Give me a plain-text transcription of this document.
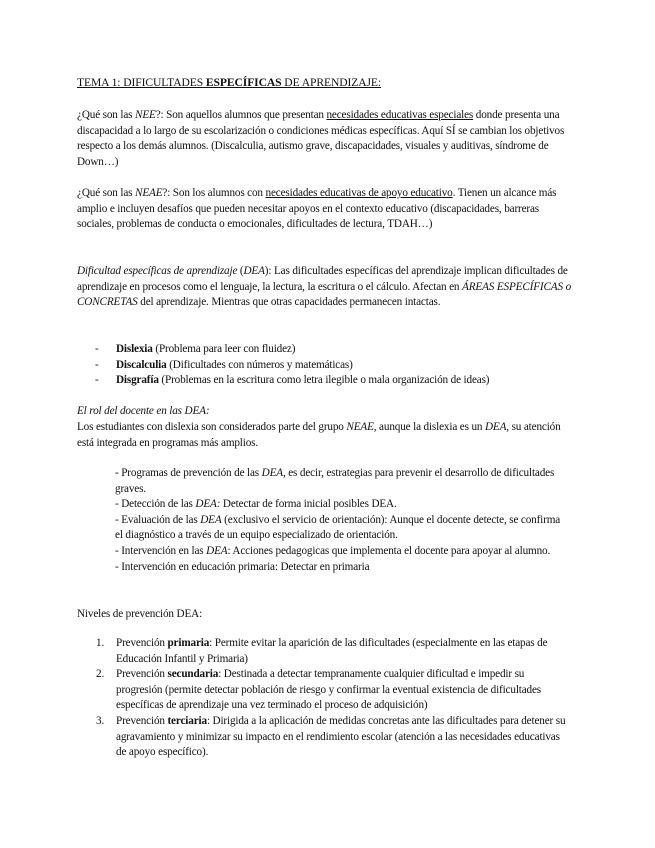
TEMA 1: DIFICULTADES ESPECÍFICAS DE APRENDIZAJE:
¿Qué son las NEE?: Son aquellos alumnos que presentan necesidades educativas especiales donde presenta una discapacidad a lo largo de su escolarización o condiciones médicas específicas. Aquí SÍ se cambian los objetivos respecto a los demás alumnos. (Discalculia, autismo grave, discapacidades, visuales y auditivas, síndrome de Down…)
¿Qué son las NEAE?: Son los alumnos con necesidades educativas de apoyo educativo. Tienen un alcance más amplio e incluyen desafíos que pueden necesitar apoyos en el contexto educativo (discapacidades, barreras sociales, problemas de conducta o emocionales, dificultades de lectura, TDAH…)
Dificultad específicas de aprendizaje (DEA): Las dificultades específicas del aprendizaje implican dificultades de aprendizaje en procesos como el lenguaje, la lectura, la escritura o el cálculo. Afectan en ÁREAS ESPECÍFICAS o CONCRETAS del aprendizaje. Mientras que otras capacidades permanecen intactas.
- Dislexia (Problema para leer con fluidez)
- Discalculia (Dificultades con números y matemáticas)
- Disgrafía (Problemas en la escritura como letra ilegible o mala organización de ideas)
El rol del docente en las DEA:
Los estudiantes con dislexia son considerados parte del grupo NEAE, aunque la dislexia es un DEA, su atención está integrada en programas más amplios.
- Programas de prevención de las DEA, es decir, estrategias para prevenir el desarrollo de dificultades graves.
- Detección de las DEA: Detectar de forma inicial posibles DEA.
- Evaluación de las DEA (exclusivo el servicio de orientación): Aunque el docente detecte, se confirma el diagnóstico a través de un equipo especializado de orientación.
- Intervención en las DEA: Acciones pedagogicas que implementa el docente para apoyar al alumno.
- Intervención en educación primaria: Detectar en primaria
Niveles de prevención DEA:
1. Prevención primaria: Permite evitar la aparición de las dificultades (especialmente en las etapas de Educación Infantil y Primaria)
2. Prevención secundaria: Destinada a detectar tempranamente cualquier dificultad e impedir su progresión (permite detectar población de riesgo y confirmar la eventual existencia de dificultades específicas de aprendizaje una vez terminado el proceso de adquisición)
3. Prevención terciaria: Dirigida a la aplicación de medidas concretas ante las dificultades para detener su agravamiento y minimizar su impacto en el rendimiento escolar (atención a las necesidades educativas de apoyo específico).
